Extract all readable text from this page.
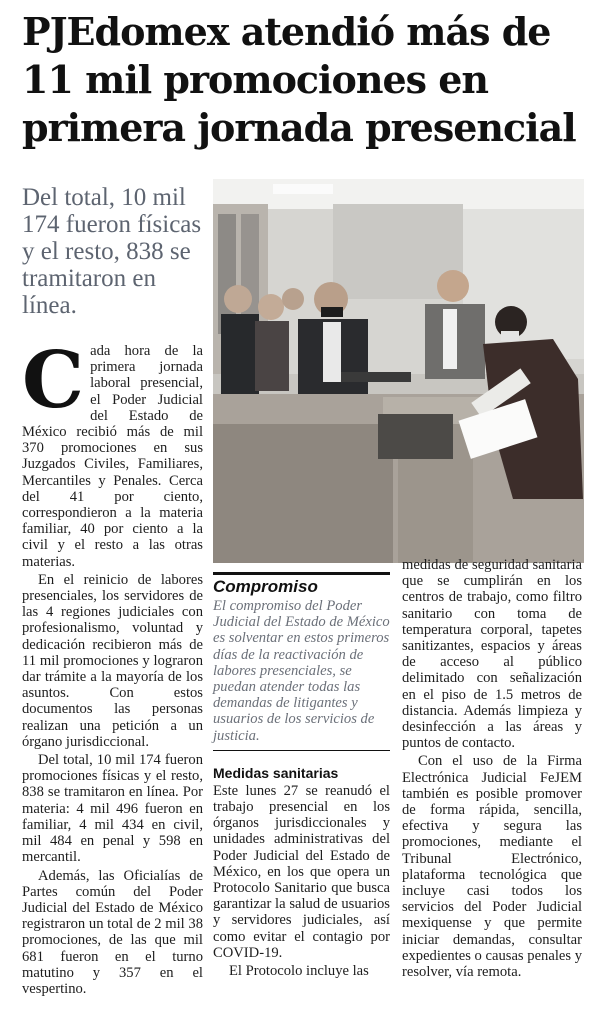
PJEdomex atendió más de 11 mil promociones en primera jornada presencial
Del total, 10 mil 174 fueron físicas y el resto, 838 se tramitaron en línea.

Cada hora de la primera jornada laboral presencial, el Poder Judicial del Estado de México recibió más de mil 370 promociones en sus Juzgados Civiles, Familiares, Mercantiles y Penales. Cerca del 41 por ciento, correspondieron a la materia familiar, 40 por ciento a la civil y el resto a las otras materias.

En el reinicio de labores presenciales, los servidores de las 4 regiones judiciales con profesionalismo, voluntad y dedicación recibieron más de 11 mil promociones y lograron dar trámite a la mayoría de los asuntos. Con estos documentos las personas realizan una petición a un órgano jurisdiccional.

Del total, 10 mil 174 fueron promociones físicas y el resto, 838 se tramitaron en línea. Por materia: 4 mil 496 fueron en familiar, 4 mil 434 en civil, mil 484 en penal y 598 en mercantil.

Además, las Oficialías de Partes común del Poder Judicial del Estado de México registraron un total de 2 mil 38 promociones, de las que mil 681 fueron en el turno matutino y 357 en el vespertino.

Compromiso
El compromiso del Poder Judicial del Estado de México es solventar en estos primeros días de la reactivación de labores presenciales, se puedan atender todas las demandas de litigantes y usuarios de los servicios de justicia.
Medidas sanitarias

Este lunes 27 se reanudó el trabajo presencial en los órganos jurisdiccionales y unidades administrativas del Poder Judicial del Estado de México, en los que opera un Protocolo Sanitario que busca garantizar la salud de usuarios y servidores judiciales, así como evitar el contagio por COVID-19.

El Protocolo incluye las

medidas de seguridad sanitaria que se cumplirán en los centros de trabajo, como filtro sanitario con toma de temperatura corporal, tapetes sanitizantes, espacios y áreas de acceso al público delimitado con señalización en el piso de 1.5 metros de distancia. Además limpieza y desinfección a las áreas y puntos de contacto.

Con el uso de la Firma Electrónica Judicial FeJEM también es posible promover de forma rápida, sencilla, efectiva y segura las promociones, mediante el Tribunal Electrónico, plataforma tecnológica que incluye casi todos los servicios del Poder Judicial mexiquense y que permite iniciar demandas, consultar expedientes o causas penales y resolver, vía remota.
